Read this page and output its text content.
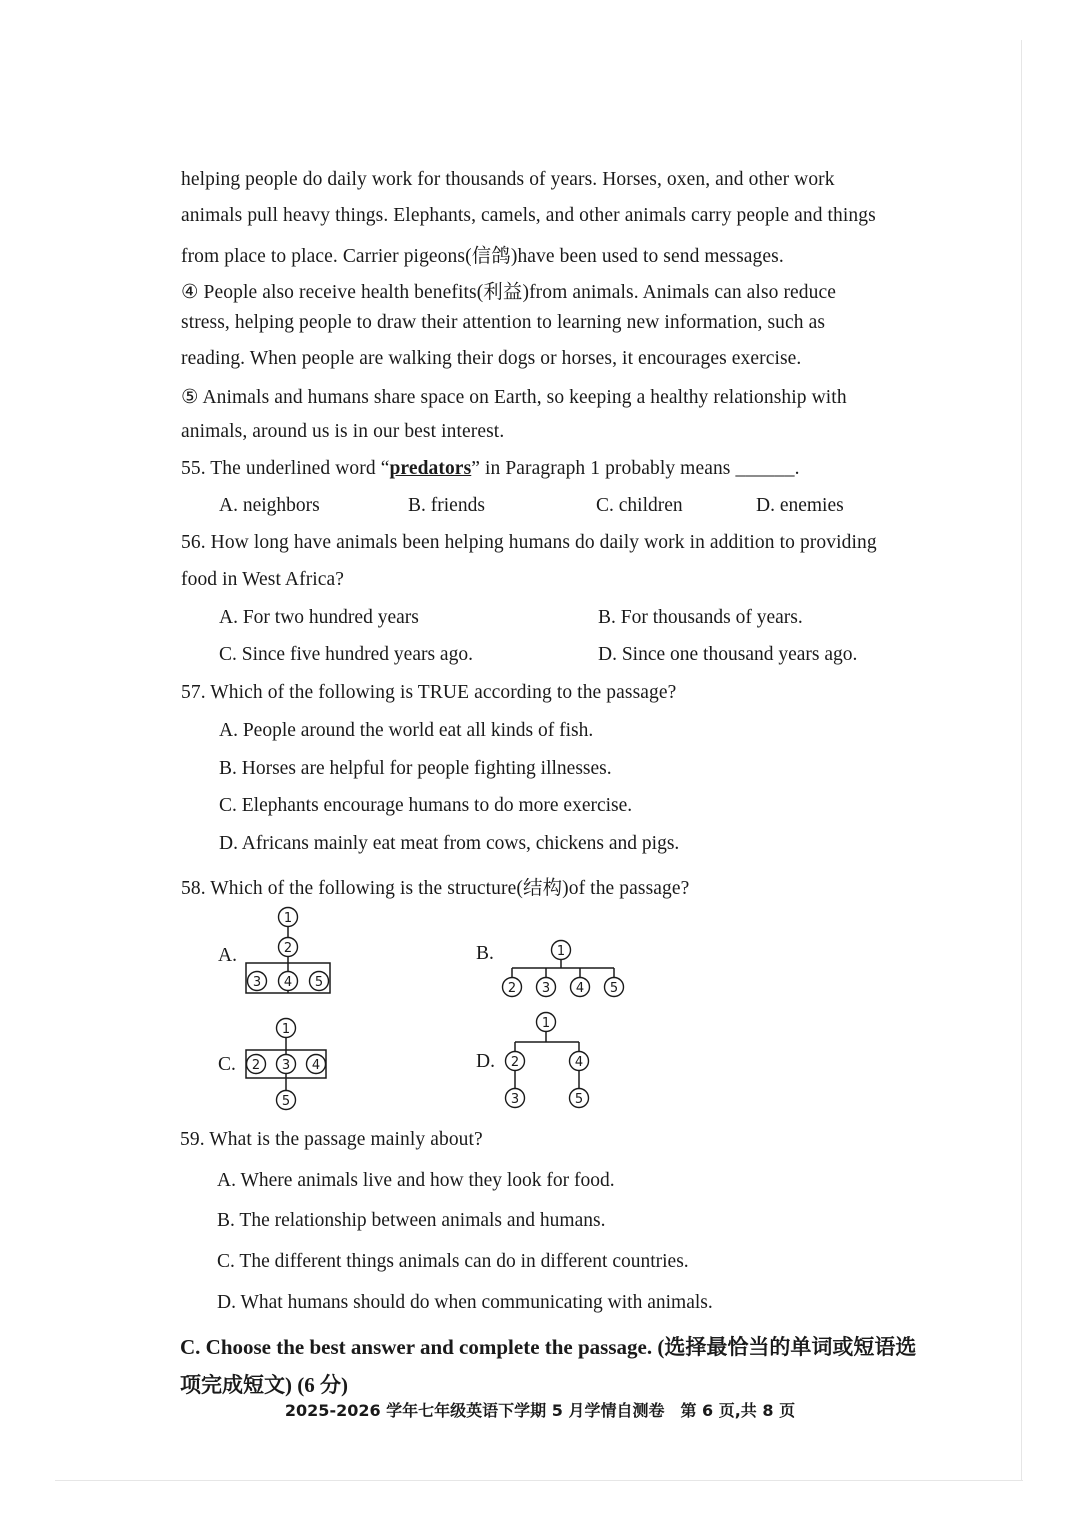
helping people do daily work for thousands of years. Horses, oxen, and other work
animals pull heavy things. Elephants, camels, and other animals carry people and things
from place to place. Carrier pigeons(信鸽)have been used to send messages.
④ People also receive health benefits(利益)from animals. Animals can also reduce
stress, helping people to draw their attention to learning new information, such as
reading. When people are walking their dogs or horses, it encourages exercise.
⑤ Animals and humans share space on Earth, so keeping a healthy relationship with
animals, around us is in our best interest.
55. The underlined word “predators” in Paragraph 1 probably means ______.
A. neighbors	B. friends	C. children	D. enemies
56. How long have animals been helping humans do daily work in addition to providing
food in West Africa?
A. For two hundred years	B. For thousands of years.
C. Since five hundred years ago.	D. Since one thousand years ago.
57. Which of the following is TRUE according to the passage?
A. People around the world eat all kinds of fish.
B. Horses are helpful for people fighting illnesses.
C. Elephants encourage humans to do more exercise.
D. Africans mainly eat meat from cows, chickens and pigs.
58. Which of the following is the structure(结构)of the passage?
A.	B.
C.	D.
1
2
3 4 5
1
2 3 4 5
1
2 3 4
5
1
2	4
3	5
59. What is the passage mainly about?
A. Where animals live and how they look for food.
B. The relationship between animals and humans.
C. The different things animals can do in different countries.
D. What humans should do when communicating with animals.
C. Choose the best answer and complete the passage. (选择最恰当的单词或短语选
项完成短文) (6 分)
2025-2026 学年七年级英语下学期 5 月学情自测卷　第 6 页,共 8 页
